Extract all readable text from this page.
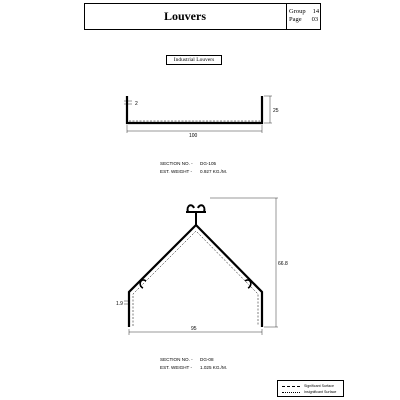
Louvers	Group 14
Page 03
Industrial Louvers
2
25
100
66.8
1.9
95
SECTION NO. - DG-105
EST. WEIGHT - 0.927 KG./M.
SECTION NO. - DG-08
EST. WEIGHT - 1.025 KG./M.
Significant Surface
Insignificant Surface
